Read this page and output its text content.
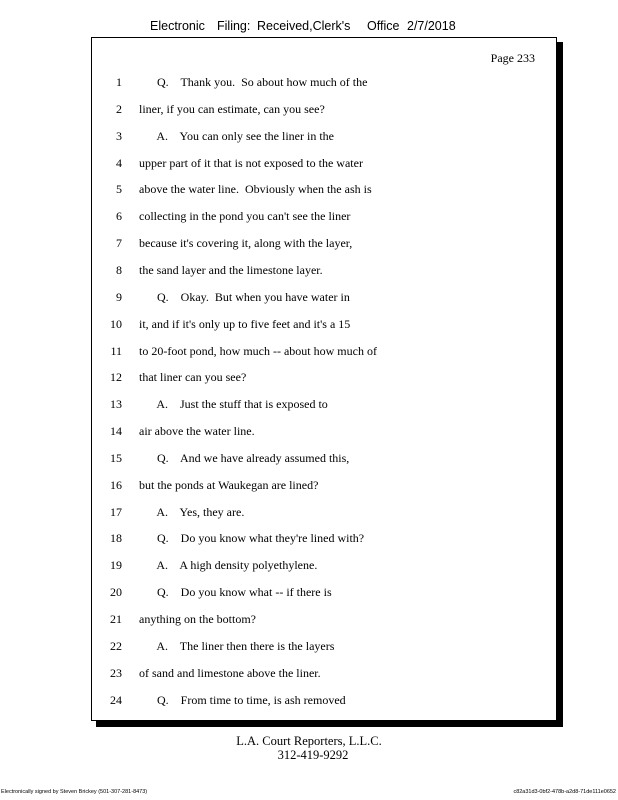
Electronic Filing: Received,Clerk's Office 2/7/2018
Page 233
1 Q.    Thank you.  So about how much of the
2 liner, if you can estimate, can you see?
3 A.    You can only see the liner in the
4 upper part of it that is not exposed to the water
5 above the water line.  Obviously when the ash is
6 collecting in the pond you can't see the liner
7 because it's covering it, along with the layer,
8 the sand layer and the limestone layer.
9 Q.    Okay.  But when you have water in
10 it, and if it's only up to five feet and it's a 15
11 to 20-foot pond, how much -- about how much of
12 that liner can you see?
13 A.    Just the stuff that is exposed to
14 air above the water line.
15 Q.    And we have already assumed this,
16 but the ponds at Waukegan are lined?
17 A.    Yes, they are.
18 Q.    Do you know what they're lined with?
19 A.    A high density polyethylene.
20 Q.    Do you know what -- if there is
21 anything on the bottom?
22 A.    The liner then there is the layers
23 of sand and limestone above the liner.
24 Q.    From time to time, is ash removed
L.A. Court Reporters, L.L.C.
312-419-9292
Electronically signed by Steven Brickey (501-307-281-8473)	c82a31d3-0bf2-478b-a2d8-71de111e0652
